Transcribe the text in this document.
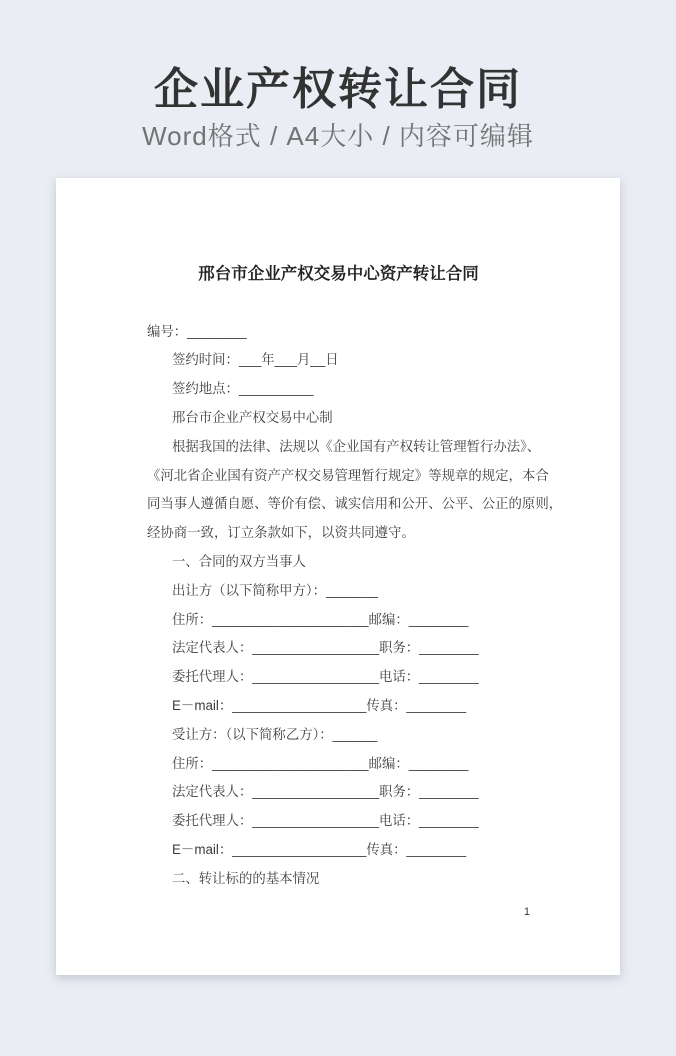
企业产权转让合同
Word格式 / A4大小 / 内容可编辑
邢台市企业产权交易中心资产转让合同
编号：________
签约时间：___年___月__日
签约地点：__________
邢台市企业产权交易中心制
根据我国的法律、法规以《企业国有产权转让管理暂行办法》、
《河北省企业国有资产产权交易管理暂行规定》等规章的规定，本合
同当事人遵循自愿、等价有偿、诚实信用和公开、公平、公正的原则，
经协商一致，订立条款如下，以资共同遵守。
一、合同的双方当事人
出让方（以下简称甲方）：_______
住所：_____________________邮编：________
法定代表人：_________________职务：________
委托代理人：_________________电话：________
E－mail：__________________传真：________
受让方：（以下简称乙方）：______
住所：_____________________邮编：________
法定代表人：_________________职务：________
委托代理人：_________________电话：________
E－mail：__________________传真：________
二、转让标的的基本情况
1
